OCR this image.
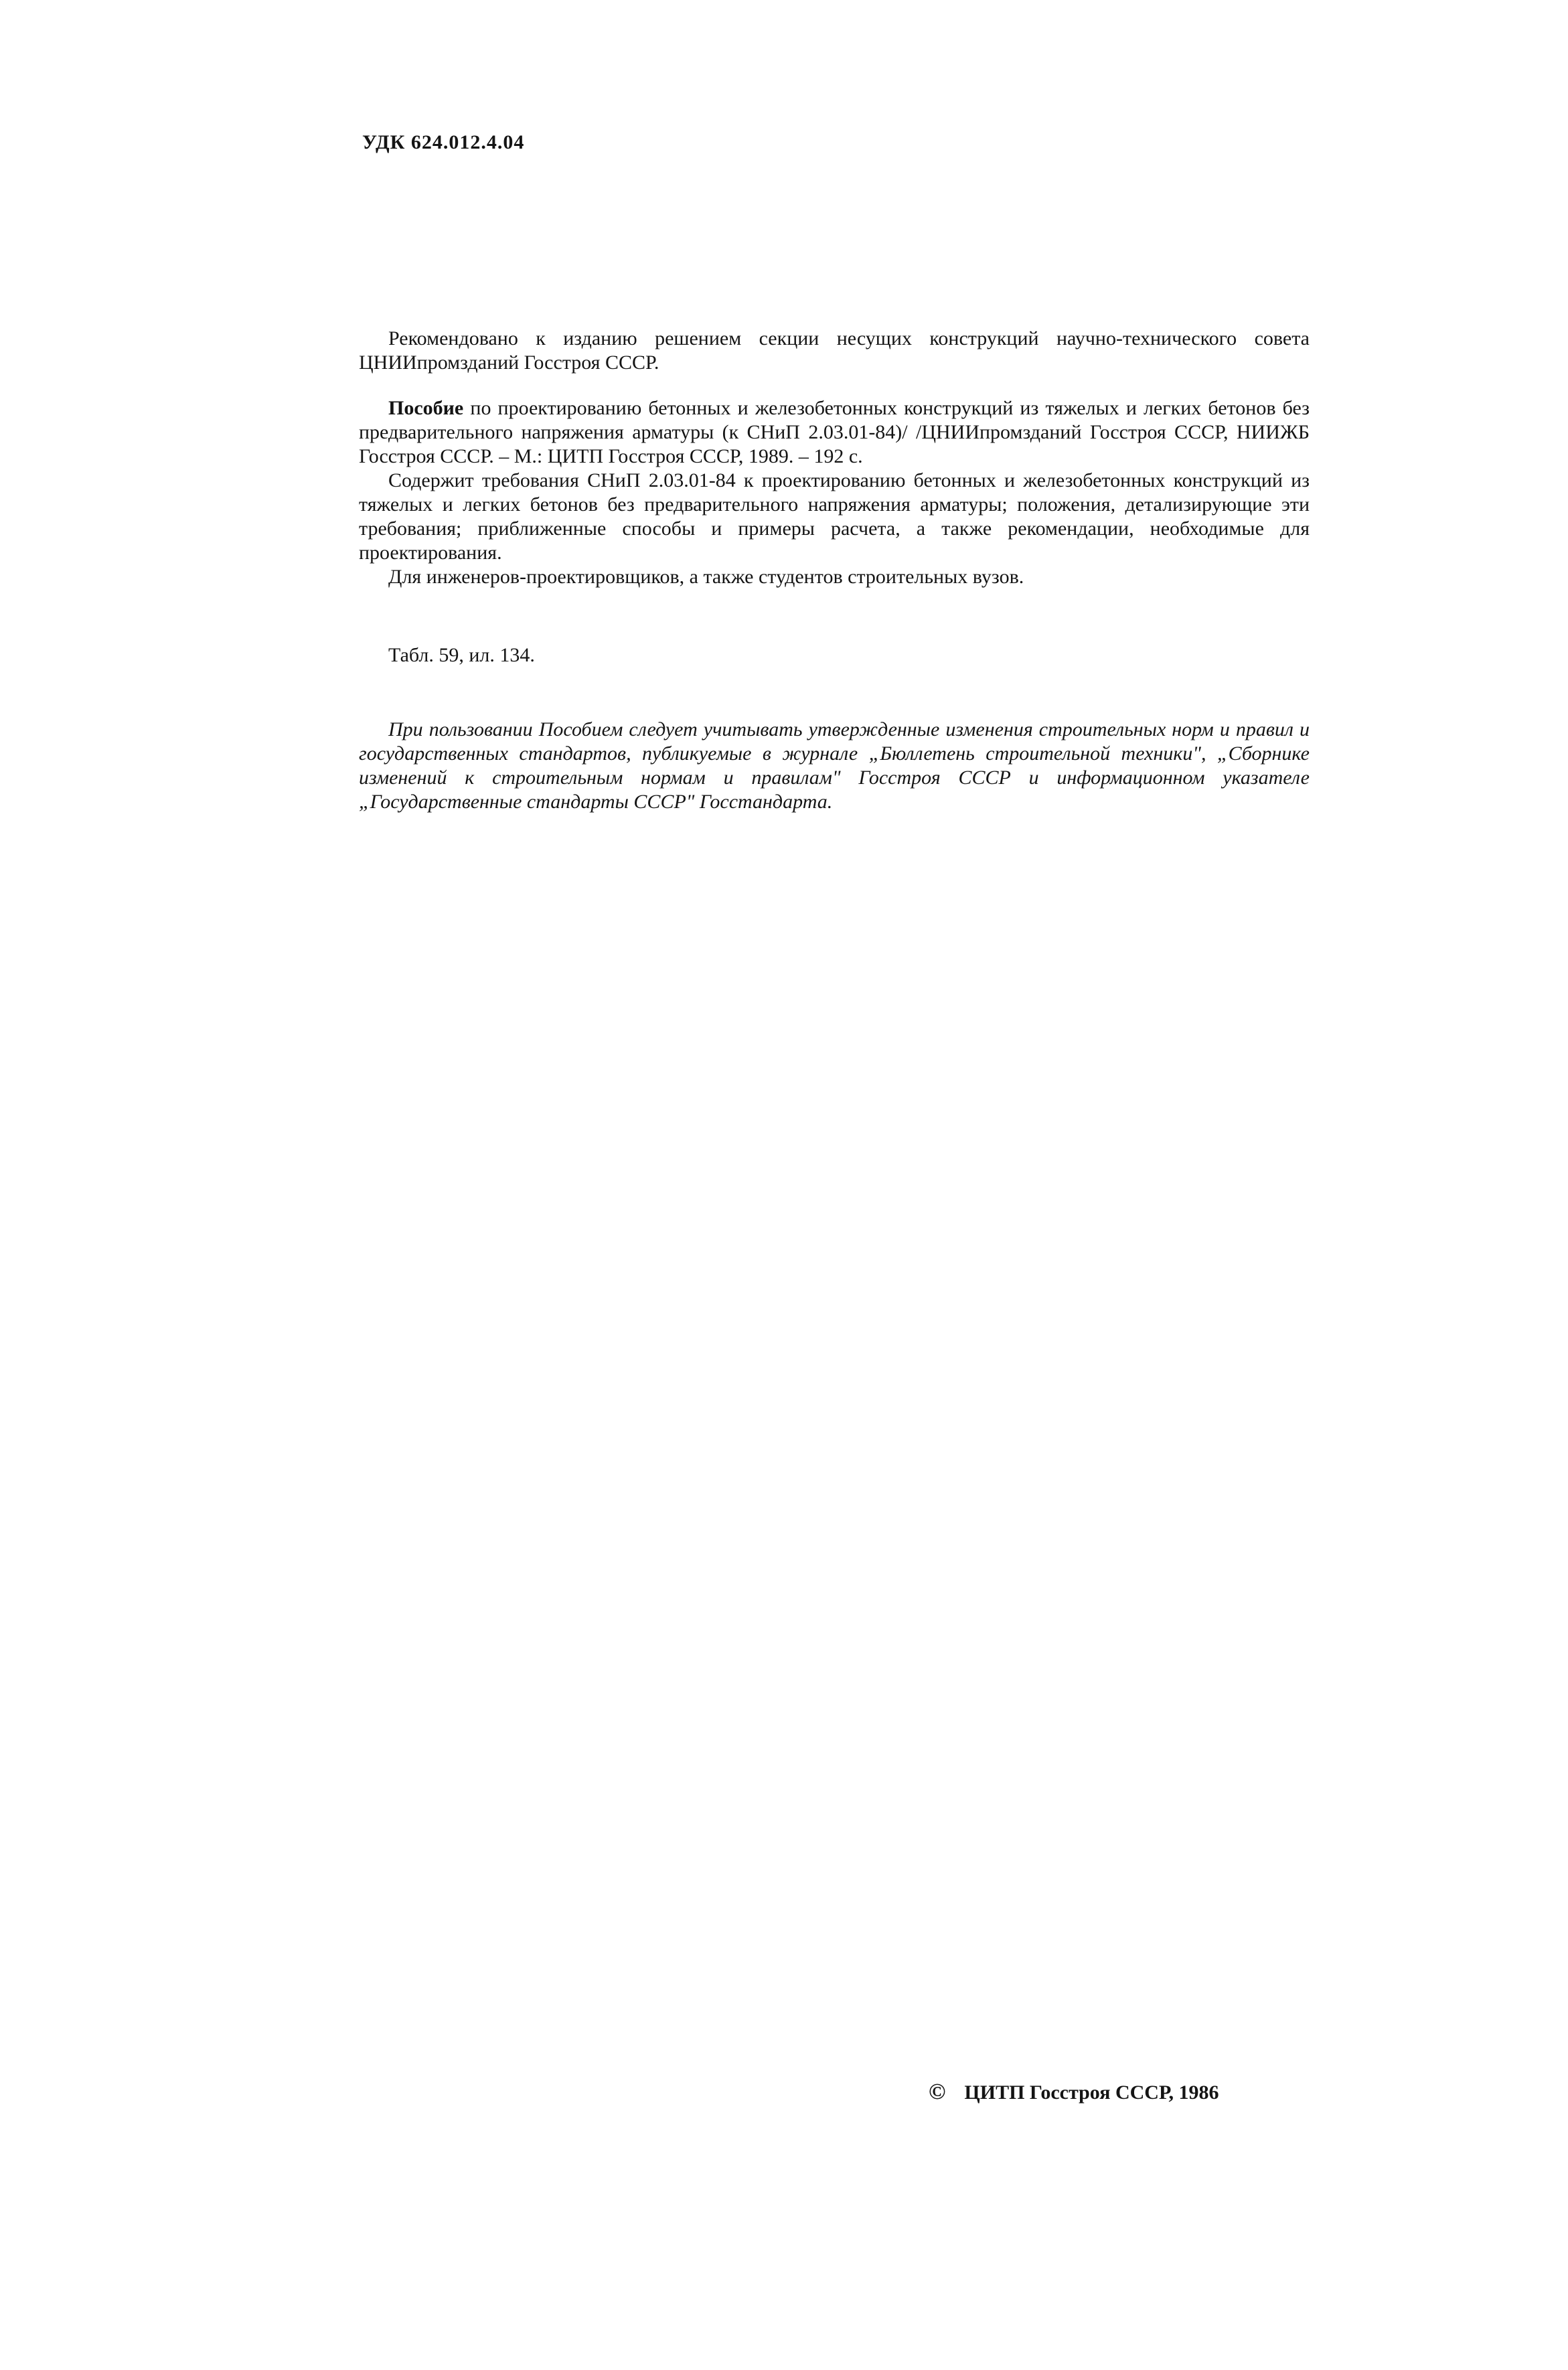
УДК 624.012.4.04

Рекомендовано к изданию решением секции несущих конструкций научно-технического совета ЦНИИпромзданий Госстроя СССР.

Пособие по проектированию бетонных и железобетонных конструкций из тяжелых и легких бетонов без предварительного напряжения арматуры (к СНиП 2.03.01-84)/ /ЦНИИпромзданий Госстроя СССР, НИИЖБ Госстроя СССР. – М.: ЦИТП Госстроя СССР, 1989. – 192 с.

Содержит требования СНиП 2.03.01-84 к проектированию бетонных и железобетонных конструкций из тяжелых и легких бетонов без предварительного напряжения арматуры; положения, детализирующие эти требования; приближенные способы и примеры расчета, а также рекомендации, необходимые для проектирования.

Для инженеров-проектировщиков, а также студентов строительных вузов.

Табл. 59, ил. 134.

При пользовании Пособием следует учитывать утвержденные изменения строительных норм и правил и государственных стандартов, публикуемые в журнале „Бюллетень строительной техники", „Сборнике изменений к строительным нормам и правилам" Госстроя СССР и информационном указателе „Государственные стандарты СССР" Госстандарта.

© ЦИТП Госстроя СССР, 1986
